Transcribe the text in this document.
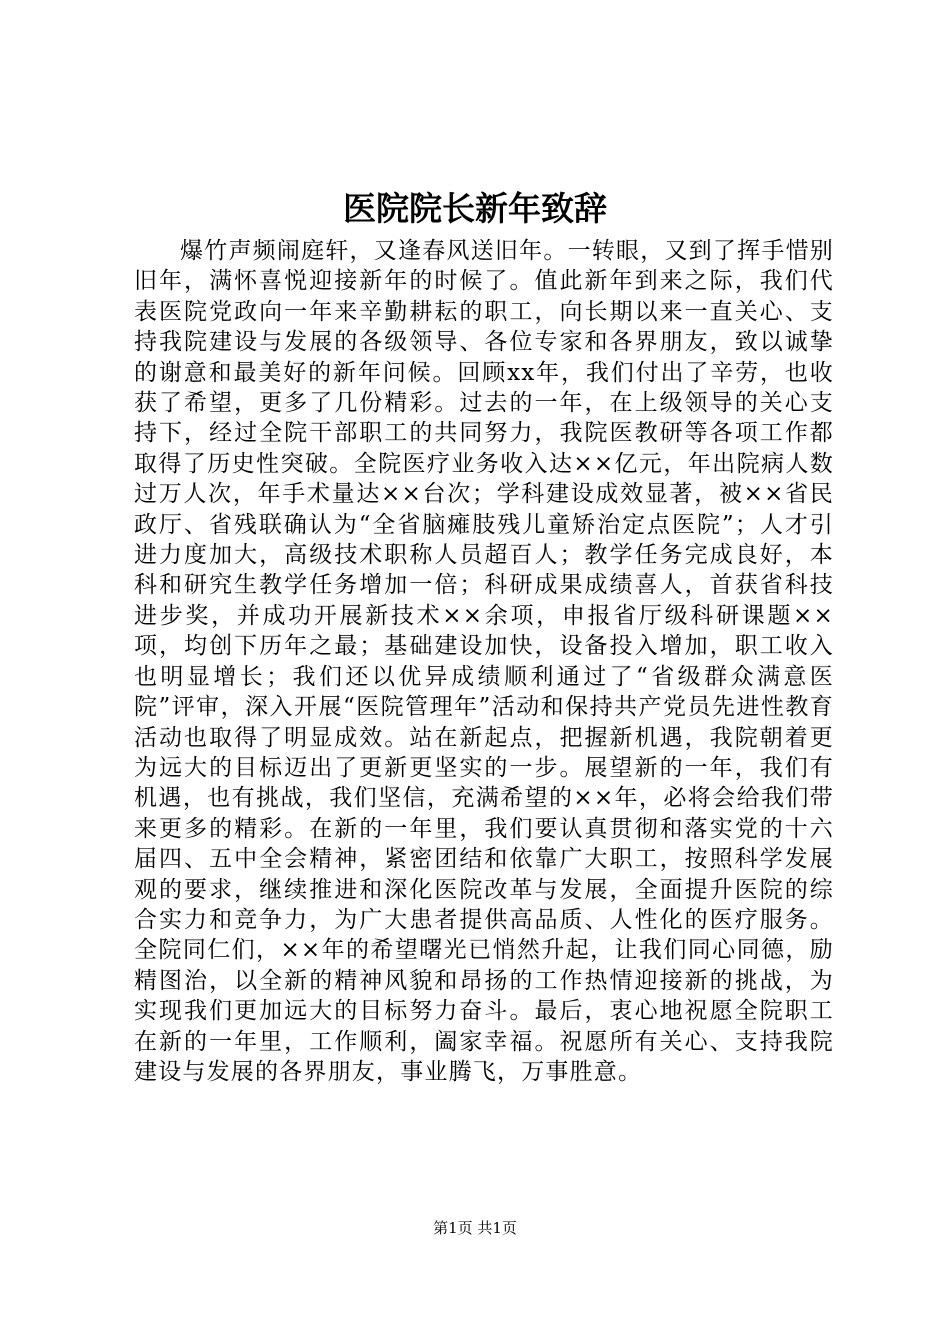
医院院长新年致辞

爆竹声频闹庭轩，又逢春风送旧年。一转眼，又到了挥手惜别旧年，满怀喜悦迎接新年的时候了。值此新年到来之际，我们代表医院党政向一年来辛勤耕耘的职工，向长期以来一直关心、支持我院建设与发展的各级领导、各位专家和各界朋友，致以诚挚的谢意和最美好的新年问候。回顾xx年，我们付出了辛劳，也收获了希望，更多了几份精彩。过去的一年，在上级领导的关心支持下，经过全院干部职工的共同努力，我院医教研等各项工作都取得了历史性突破。全院医疗业务收入达××亿元，年出院病人数过万人次，年手术量达××台次；学科建设成效显著，被××省民政厅、省残联确认为“全省脑瘫肢残儿童矫治定点医院”；人才引进力度加大，高级技术职称人员超百人；教学任务完成良好，本科和研究生教学任务增加一倍；科研成果成绩喜人，首获省科技进步奖，并成功开展新技术××余项，申报省厅级科研课题××项，均创下历年之最；基础建设加快，设备投入增加，职工收入也明显增长；我们还以优异成绩顺利通过了“省级群众满意医院”评审，深入开展“医院管理年”活动和保持共产党员先进性教育活动也取得了明显成效。站在新起点，把握新机遇，我院朝着更为远大的目标迈出了更新更坚实的一步。展望新的一年，我们有机遇，也有挑战，我们坚信，充满希望的××年，必将会给我们带来更多的精彩。在新的一年里，我们要认真贯彻和落实党的十六届四、五中全会精神，紧密团结和依靠广大职工，按照科学发展观的要求，继续推进和深化医院改革与发展，全面提升医院的综合实力和竞争力，为广大患者提供高品质、人性化的医疗服务。全院同仁们，××年的希望曙光已悄然升起，让我们同心同德，励精图治，以全新的精神风貌和昂扬的工作热情迎接新的挑战，为实现我们更加远大的目标努力奋斗。最后，衷心地祝愿全院职工在新的一年里，工作顺利，阖家幸福。祝愿所有关心、支持我院建设与发展的各界朋友，事业腾飞，万事胜意。

第1页 共1页
